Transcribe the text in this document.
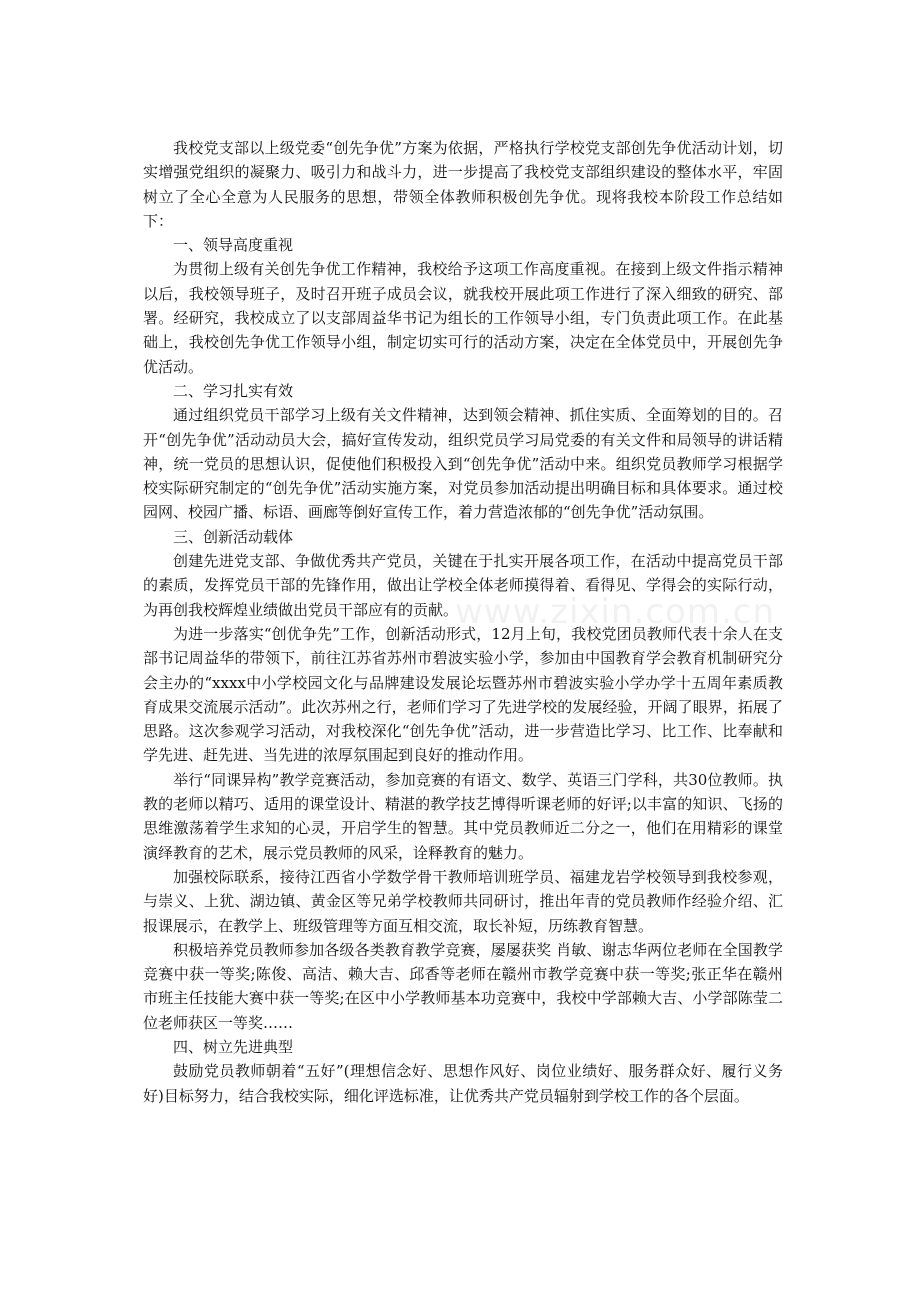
我校党支部以上级党委“创先争优”方案为依据，严格执行学校党支部创先争优活动计划，切实增强党组织的凝聚力、吸引力和战斗力，进一步提高了我校党支部组织建设的整体水平，牢固树立了全心全意为人民服务的思想，带领全体教师积极创先争优。现将我校本阶段工作总结如下：

一、领导高度重视

为贯彻上级有关创先争优工作精神，我校给予这项工作高度重视。在接到上级文件指示精神以后，我校领导班子，及时召开班子成员会议，就我校开展此项工作进行了深入细致的研究、部署。经研究，我校成立了以支部周益华书记为组长的工作领导小组，专门负责此项工作。在此基础上，我校创先争优工作领导小组，制定切实可行的活动方案，决定在全体党员中，开展创先争优活动。

二、学习扎实有效

通过组织党员干部学习上级有关文件精神，达到领会精神、抓住实质、全面筹划的目的。召开“创先争优”活动动员大会，搞好宣传发动，组织党员学习局党委的有关文件和局领导的讲话精神，统一党员的思想认识，促使他们积极投入到“创先争优”活动中来。组织党员教师学习根据学校实际研究制定的“创先争优”活动实施方案，对党员参加活动提出明确目标和具体要求。通过校园网、校园广播、标语、画廊等倒好宣传工作，着力营造浓郁的“创先争优”活动氛围。

三、创新活动载体

创建先进党支部、争做优秀共产党员，关键在于扎实开展各项工作，在活动中提高党员干部的素质，发挥党员干部的先锋作用，做出让学校全体老师摸得着、看得见、学得会的实际行动，为再创我校辉煌业绩做出党员干部应有的贡献。

为进一步落实“创优争先”工作，创新活动形式，12月上旬，我校党团员教师代表十余人在支部书记周益华的带领下，前往江苏省苏州市碧波实验小学，参加由中国教育学会教育机制研究分会主办的“xxxx中小学校园文化与品牌建设发展论坛暨苏州市碧波实验小学办学十五周年素质教育成果交流展示活动”。此次苏州之行，老师们学习了先进学校的发展经验，开阔了眼界，拓展了思路。这次参观学习活动，对我校深化“创先争优”活动，进一步营造比学习、比工作、比奉献和学先进、赶先进、当先进的浓厚氛围起到良好的推动作用。

举行“同课异构”教学竞赛活动，参加竞赛的有语文、数学、英语三门学科，共30位教师。执教的老师以精巧、适用的课堂设计、精湛的教学技艺博得听课老师的好评;以丰富的知识、飞扬的思维激荡着学生求知的心灵，开启学生的智慧。其中党员教师近二分之一，他们在用精彩的课堂演绎教育的艺术，展示党员教师的风采，诠释教育的魅力。

加强校际联系，接待江西省小学数学骨干教师培训班学员、福建龙岩学校领导到我校参观，与崇义、上犹、湖边镇、黄金区等兄弟学校教师共同研讨，推出年青的党员教师作经验介绍、汇报课展示，在教学上、班级管理等方面互相交流，取长补短，历练教育智慧。

积极培养党员教师参加各级各类教育教学竞赛，屡屡获奖 肖敏、谢志华两位老师在全国教学竞赛中获一等奖;陈俊、高洁、赖大吉、邱香等老师在赣州市教学竞赛中获一等奖;张正华在赣州市班主任技能大赛中获一等奖;在区中小学教师基本功竞赛中，我校中学部赖大吉、小学部陈莹二位老师获区一等奖……

四、树立先进典型

鼓励党员教师朝着“五好”(理想信念好、思想作风好、岗位业绩好、服务群众好、履行义务好)目标努力，结合我校实际，细化评选标准，让优秀共产党员辐射到学校工作的各个层面。

www.zixin.com.cn
